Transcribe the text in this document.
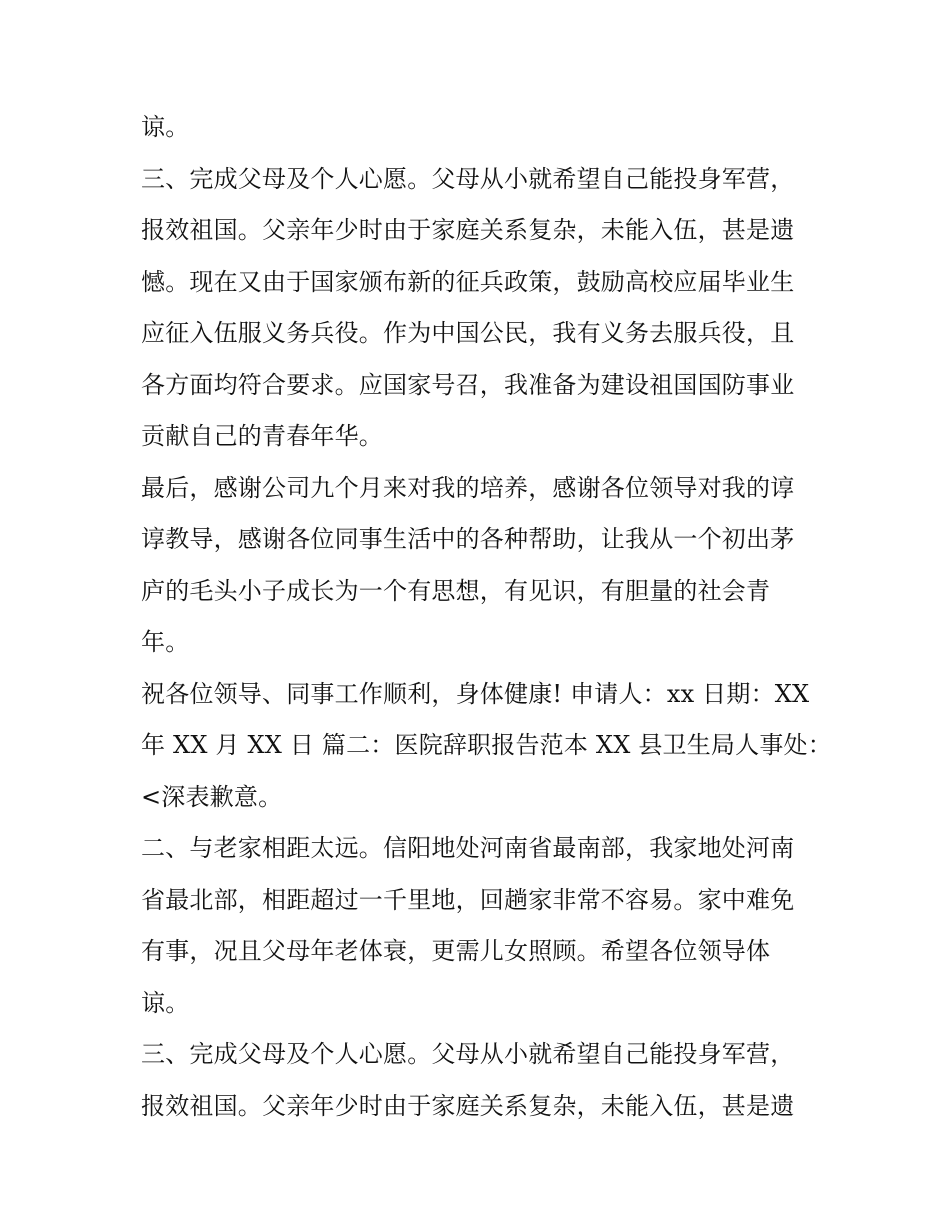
谅。
三、完成父母及个人心愿。父母从小就希望自己能投身军营，
报效祖国。父亲年少时由于家庭关系复杂，未能入伍，甚是遗
憾。现在又由于国家颁布新的征兵政策，鼓励高校应届毕业生
应征入伍服义务兵役。作为中国公民，我有义务去服兵役，且
各方面均符合要求。应国家号召，我准备为建设祖国国防事业
贡献自己的青春年华。
最后，感谢公司九个月来对我的培养，感谢各位领导对我的谆
谆教导，感谢各位同事生活中的各种帮助，让我从一个初出茅
庐的毛头小子成长为一个有思想，有见识，有胆量的社会青
年。
祝各位领导、同事工作顺利，身体健康! 申请人：xx 日期：XX
年 XX 月 XX 日 篇二：医院辞职报告范本 XX 县卫生局人事处：
<深表歉意。
二、与老家相距太远。信阳地处河南省最南部，我家地处河南
省最北部，相距超过一千里地，回趟家非常不容易。家中难免
有事，况且父母年老体衰，更需儿女照顾。希望各位领导体
谅。
三、完成父母及个人心愿。父母从小就希望自己能投身军营，
报效祖国。父亲年少时由于家庭关系复杂，未能入伍，甚是遗
